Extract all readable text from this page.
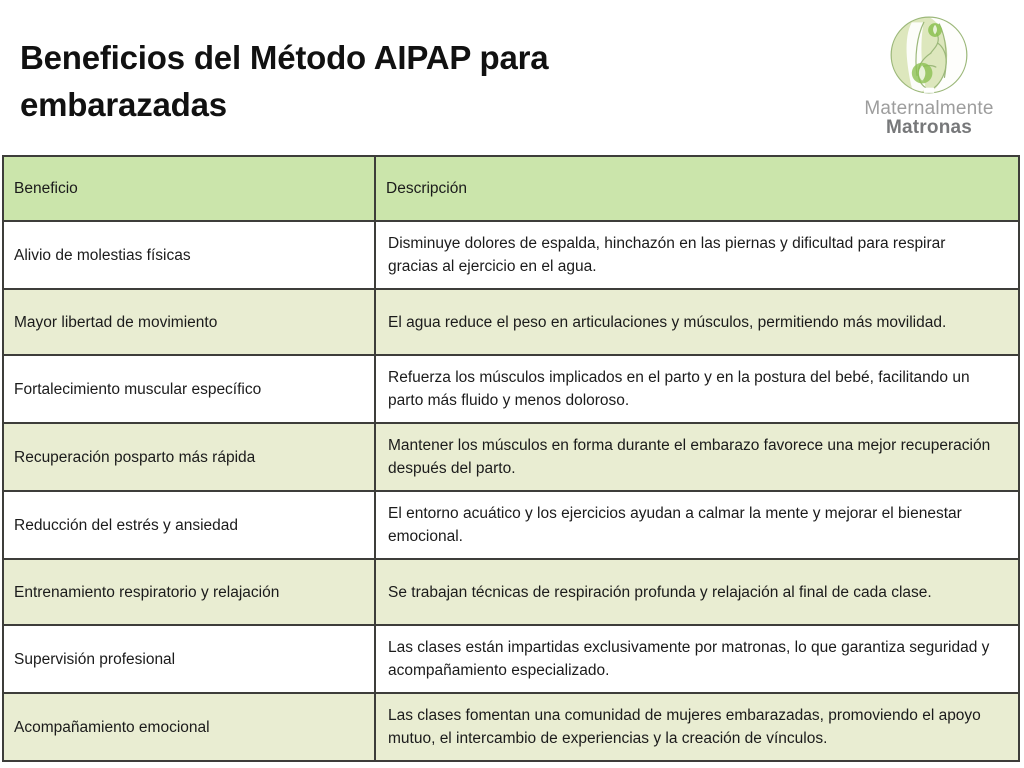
Beneficios del Método AIPAP para embarazadas	Maternalmente
Matronas
Beneficio	Descripción
Alivio de molestias físicas	Disminuye dolores de espalda, hinchazón en las piernas y dificultad para respirar gracias al ejercicio en el agua.
Mayor libertad de movimiento	El agua reduce el peso en articulaciones y músculos, permitiendo más movilidad.
Fortalecimiento muscular específico	Refuerza los músculos implicados en el parto y en la postura del bebé, facilitando un parto más fluido y menos doloroso.
Recuperación posparto más rápida	Mantener los músculos en forma durante el embarazo favorece una mejor recuperación después del parto.
Reducción del estrés y ansiedad	El entorno acuático y los ejercicios ayudan a calmar la mente y mejorar el bienestar emocional.
Entrenamiento respiratorio y relajación	Se trabajan técnicas de respiración profunda y relajación al final de cada clase.
Supervisión profesional	Las clases están impartidas exclusivamente por matronas, lo que garantiza seguridad y acompañamiento especializado.
Acompañamiento emocional	Las clases fomentan una comunidad de mujeres embarazadas, promoviendo el apoyo mutuo, el intercambio de experiencias y la creación de vínculos.
